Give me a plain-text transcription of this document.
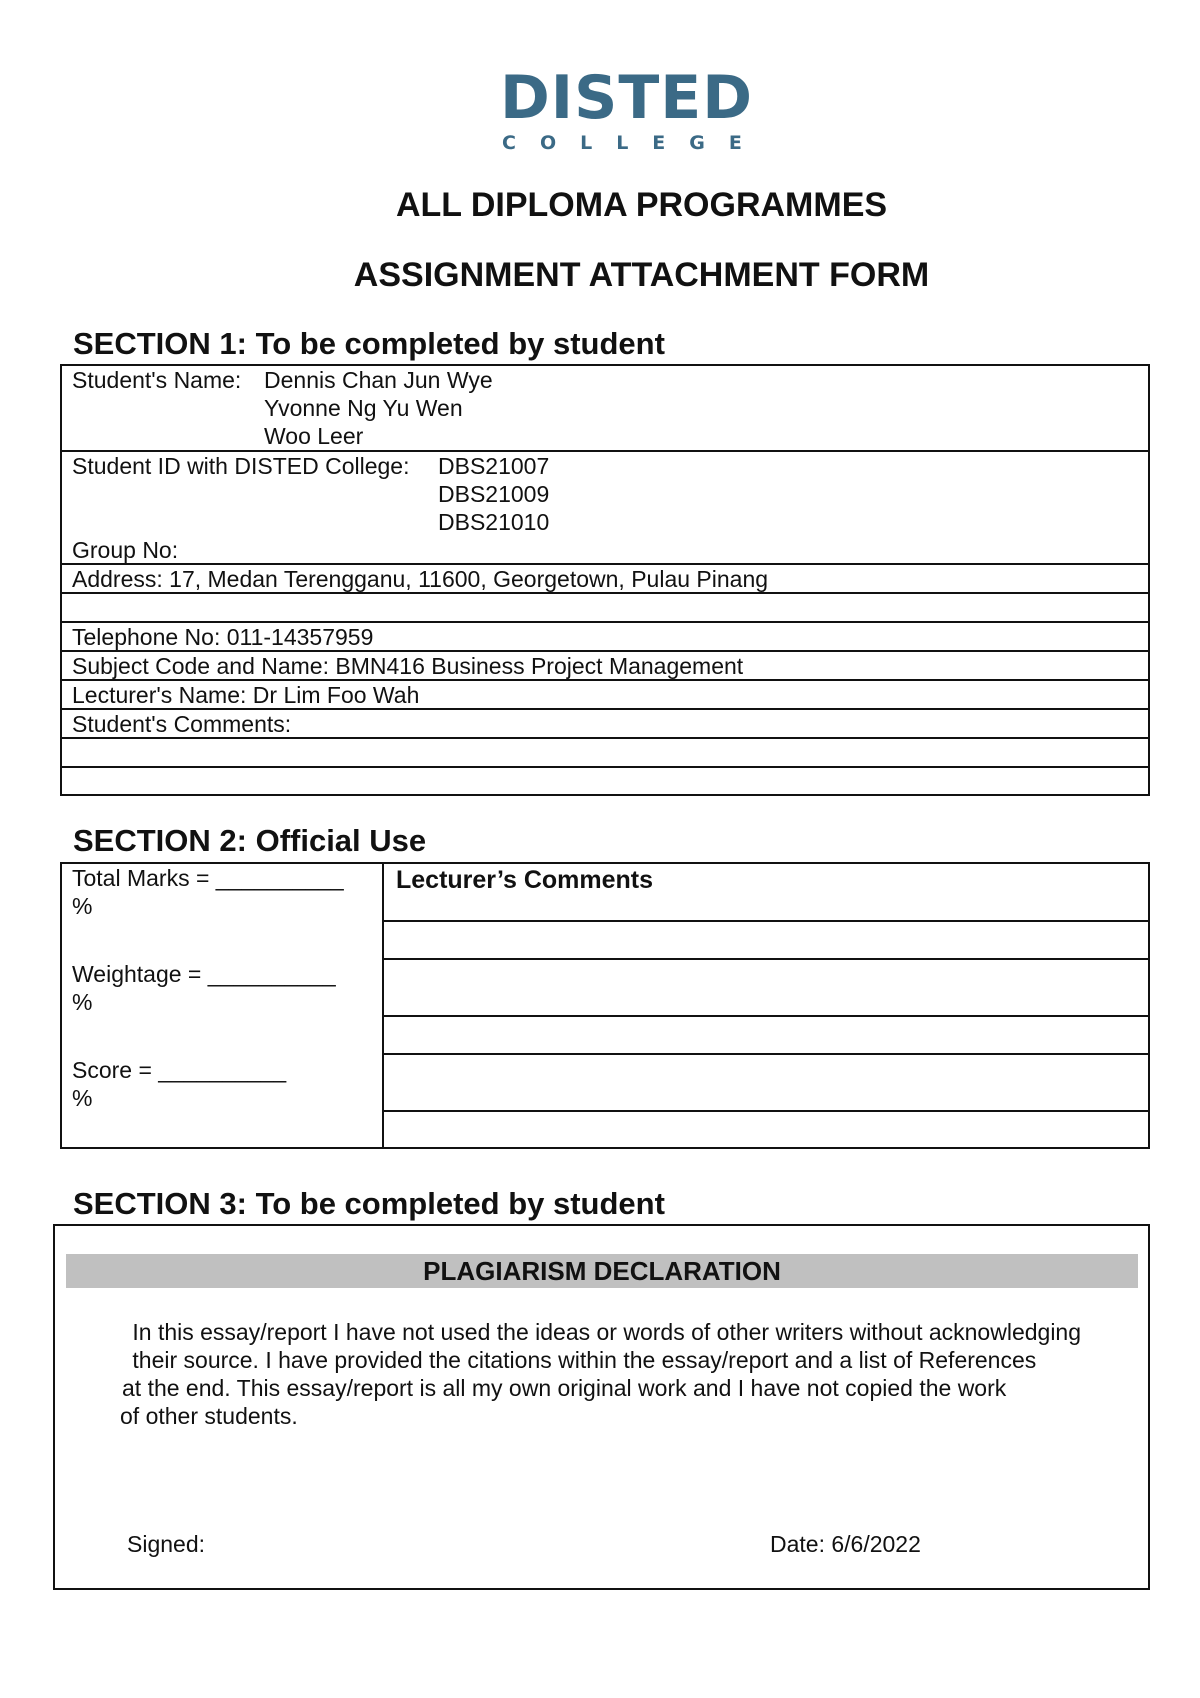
DISTED
COLLEGE
ALL DIPLOMA PROGRAMMES
ASSIGNMENT ATTACHMENT FORM
SECTION 1: To be completed by student
Student's Name: Dennis Chan Jun Wye
Yvonne Ng Yu Wen
Woo Leer
Student ID with DISTED College: DBS21007
DBS21009
DBS21010
Group No:
Address: 17, Medan Terengganu, 11600, Georgetown, Pulau Pinang
Telephone No: 011-14357959
Subject Code and Name: BMN416 Business Project Management
Lecturer's Name: Dr Lim Foo Wah
Student's Comments:
SECTION 2: Official Use
Total Marks = __________
%
Weightage = __________
%
Score = __________
%
Lecturer’s Comments
SECTION 3: To be completed by student
PLAGIARISM DECLARATION
In this essay/report I have not used the ideas or words of other writers without acknowledging
their source. I have provided the citations within the essay/report and a list of References
at the end. This essay/report is all my own original work and I have not copied the work
of other students.
Signed:	Date: 6/6/2022
